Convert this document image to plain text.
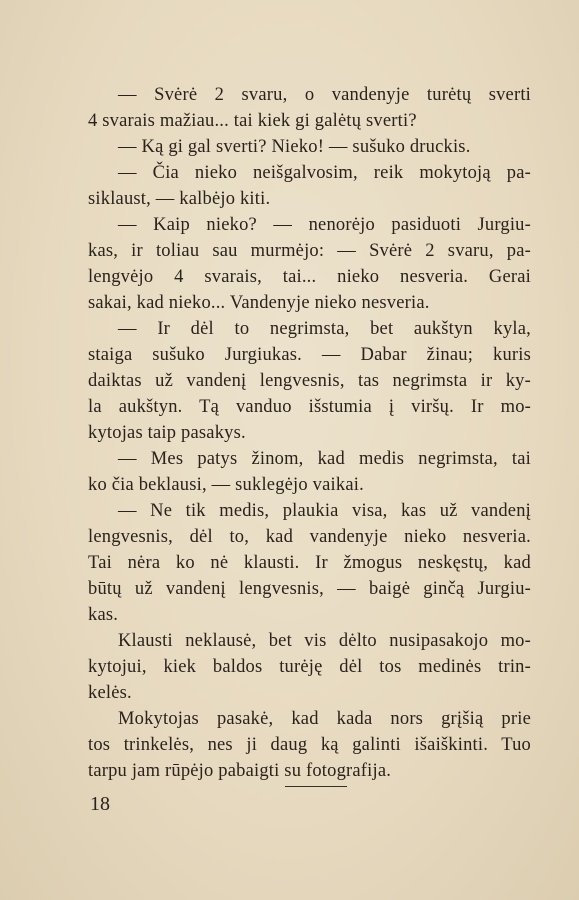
— Svėrė 2 svaru, o vandenyje turėtų sverti
4 svarais mažiau... tai kiek gi galėtų sverti?
— Ką gi gal sverti? Nieko! — sušuko druckis.
— Čia nieko neišgalvosim, reik mokytoją pa-
siklaust, — kalbėjo kiti.
— Kaip nieko? — nenorėjo pasiduoti Jurgiu-
kas, ir toliau sau murmėjo: — Svėrė 2 svaru, pa-
lengvėjo 4 svarais, tai... nieko nesveria. Gerai
sakai, kad nieko... Vandenyje nieko nesveria.
— Ir dėl to negrimsta, bet aukštyn kyla,
staiga sušuko Jurgiukas. — Dabar žinau; kuris
daiktas už vandenį lengvesnis, tas negrimsta ir ky-
la aukštyn. Tą vanduo išstumia į viršų. Ir mo-
kytojas taip pasakys.
— Mes patys žinom, kad medis negrimsta, tai
ko čia beklausi, — suklegėjo vaikai.
— Ne tik medis, plaukia visa, kas už vandenį
lengvesnis, dėl to, kad vandenyje nieko nesveria.
Tai nėra ko nė klausti. Ir žmogus neskęstų, kad
būtų už vandenį lengvesnis, — baigė ginčą Jurgiu-
kas.
Klausti neklausė, bet vis dėlto nusipasakojo mo-
kytojui, kiek baldos turėję dėl tos medinės trin-
kelės.
Mokytojas pasakė, kad kada nors grįšią prie
tos trinkelės, nes ji daug ką galinti išaiškinti. Tuo
tarpu jam rūpėjo pabaigti su fotografija.
18
